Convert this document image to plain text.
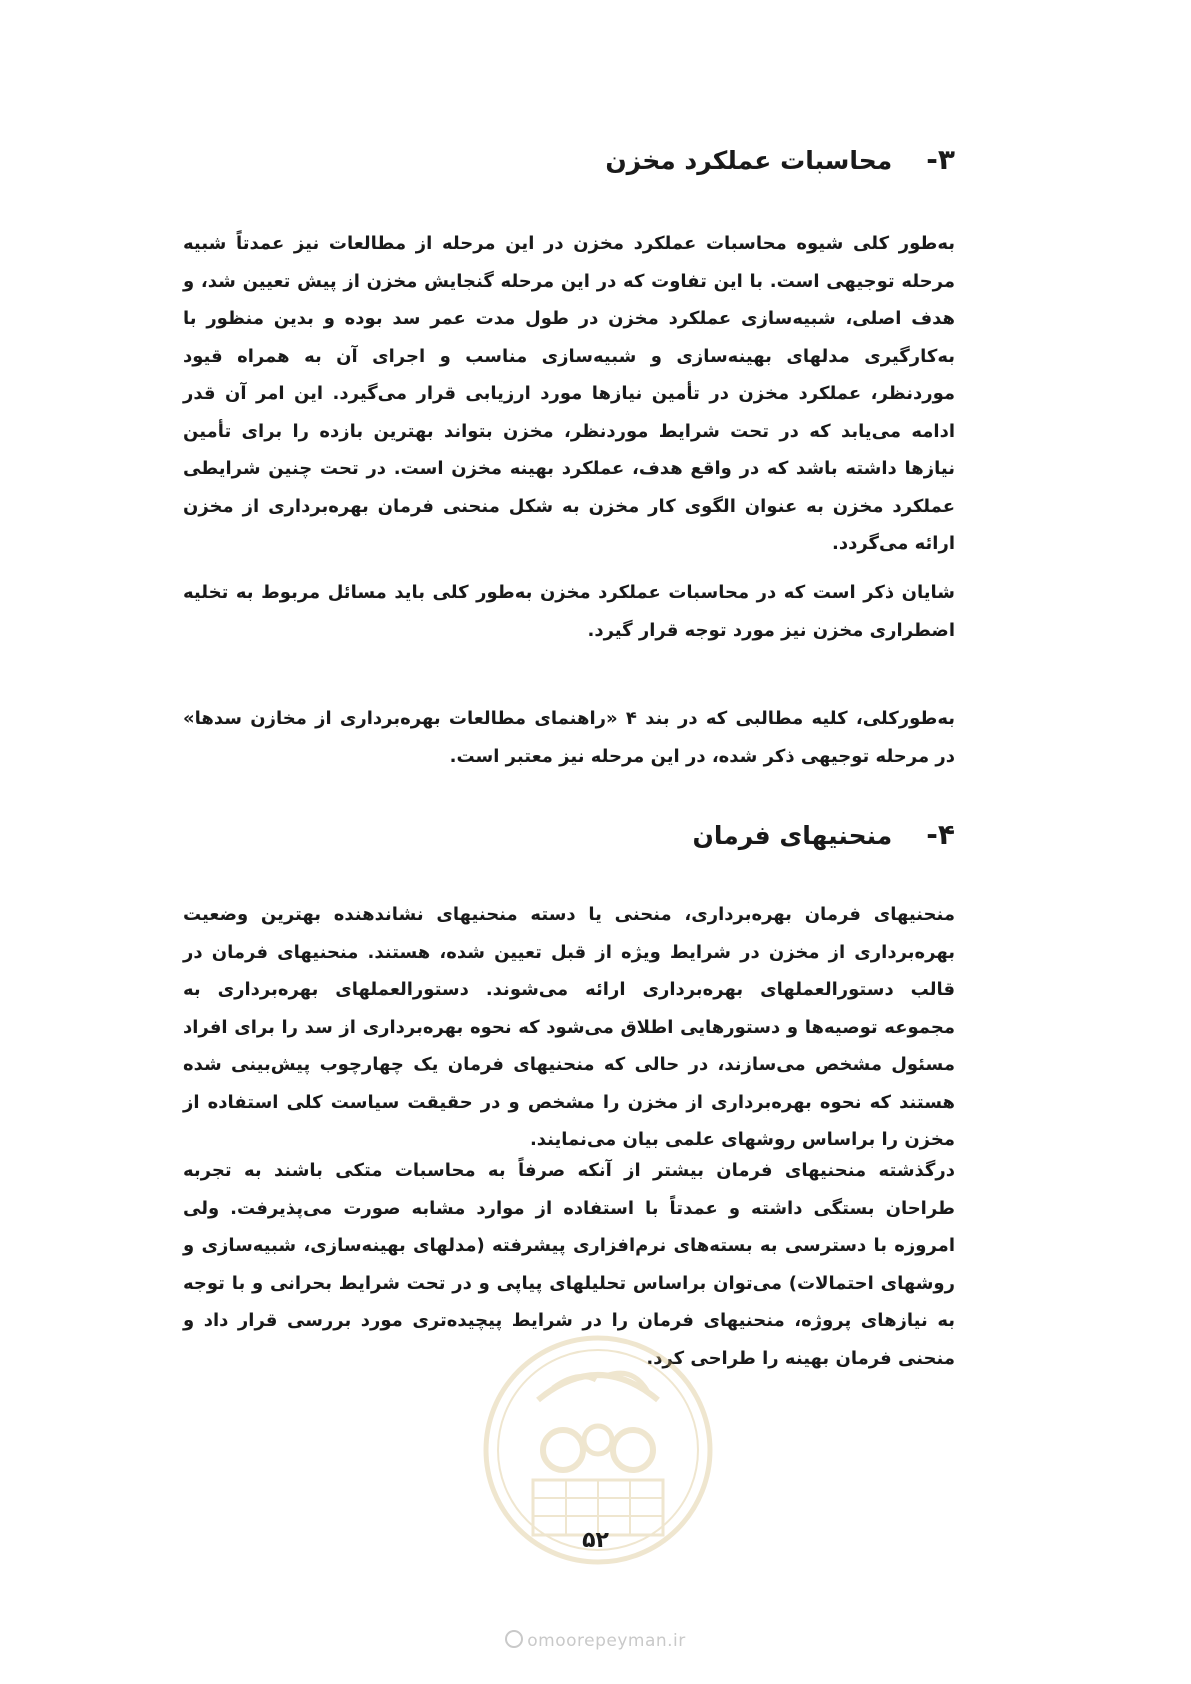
۳-محاسبات عملکرد مخزن

به‌طور کلی شیوه محاسبات عملکرد مخزن در این مرحله از مطالعات نیز عمدتاً شبیه مرحله توجیهی است. با این تفاوت که در این مرحله گنجایش مخزن از پیش تعیین شد، و هدف اصلی، شبیه‌سازی عملکرد مخزن در طول مدت عمر سد بوده و بدین منظور با به‌کارگیری مدلهای بهینه‌سازی و شبیه‌سازی مناسب و اجرای آن به همراه قیود موردنظر، عملکرد مخزن در تأمین نیازها مورد ارزیابی قرار می‌گیرد. این امر آن قدر ادامه می‌یابد که در تحت شرایط موردنظر، مخزن بتواند بهترین بازده را برای تأمین نیازها داشته باشد که در واقع هدف، عملکرد بهینه مخزن است. در تحت چنین شرایطی عملکرد مخزن به عنوان الگوی کار مخزن به شکل منحنی فرمان بهره‌برداری از مخزن ارائه می‌گردد.

شایان ذکر است که در محاسبات عملکرد مخزن به‌طور کلی باید مسائل مربوط به تخلیه اضطراری مخزن نیز مورد توجه قرار گیرد.

به‌طورکلی، کلیه مطالبی که در بند ۴ «راهنمای مطالعات بهره‌برداری از مخازن سدها» در مرحله توجیهی ذکر شده، در این مرحله نیز معتبر است.

۴-منحنیهای فرمان

منحنیهای فرمان بهره‌برداری، منحنی یا دسته منحنیهای نشاندهنده بهترین وضعیت بهره‌برداری از مخزن در شرایط ویژه از قبل تعیین شده، هستند. منحنیهای فرمان در قالب دستورالعملهای بهره‌برداری ارائه می‌شوند. دستورالعملهای بهره‌برداری به مجموعه توصیه‌ها و دستورهایی اطلاق می‌شود که نحوه بهره‌برداری از سد را برای افراد مسئول مشخص می‌سازند، در حالی که منحنیهای فرمان یک چهارچوب پیش‌بینی شده هستند که نحوه بهره‌برداری از مخزن را مشخص و در حقیقت سیاست کلی استفاده از مخزن را براساس روشهای علمی بیان می‌نمایند.

درگذشته منحنیهای فرمان بیشتر از آنکه صرفاً به محاسبات متکی باشند به تجربه طراحان بستگی داشته و عمدتاً با استفاده از موارد مشابه صورت می‌پذیرفت. ولی امروزه با دسترسی به بسته‌های نرم‌افزاری پیشرفته (مدلهای بهینه‌سازی، شبیه‌سازی و روشهای احتمالات) می‌توان براساس تحلیلهای پیاپی و در تحت شرایط بحرانی و با توجه به نیازهای پروژه، منحنیهای فرمان را در شرایط پیچیده‌تری مورد بررسی قرار داد و منحنی فرمان بهینه را طراحی کرد.

۵۲
omoorepeyman.ir
